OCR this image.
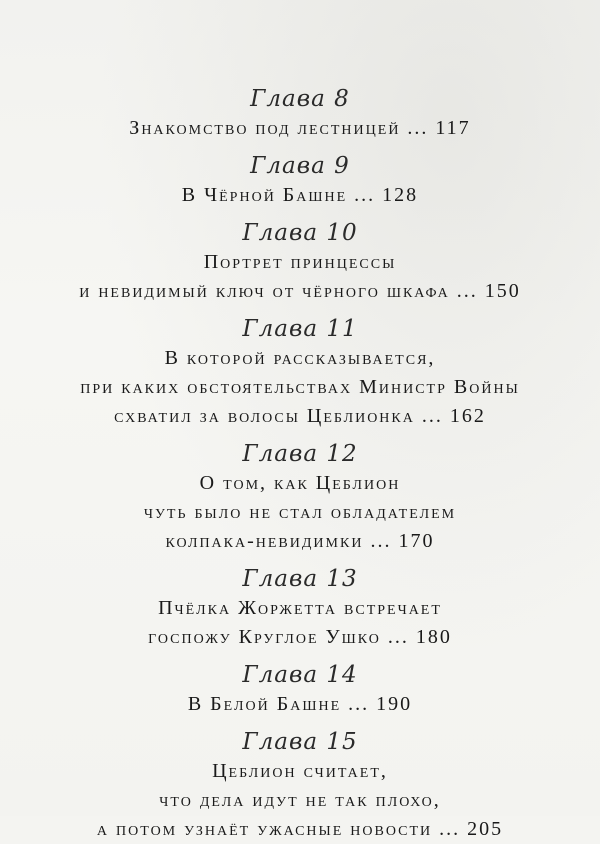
Глава 8
Знакомство под лестницей ... 117
Глава 9
В Чёрной Башне ... 128
Глава 10
Портрет принцессы
и невидимый ключ от чёрного шкафа ... 150
Глава 11
В которой рассказывается,
при каких обстоятельствах Министр Войны
схватил за волосы Цеблионка ... 162
Глава 12
О том, как Цеблион
чуть было не стал обладателем
колпака-невидимки ... 170
Глава 13
Пчёлка Жоржетта встречает
госпожу Круглое Ушко ... 180
Глава 14
В Белой Башне ... 190
Глава 15
Цеблион считает,
что дела идут не так плохо,
а потом узнаёт ужасные новости ... 205
